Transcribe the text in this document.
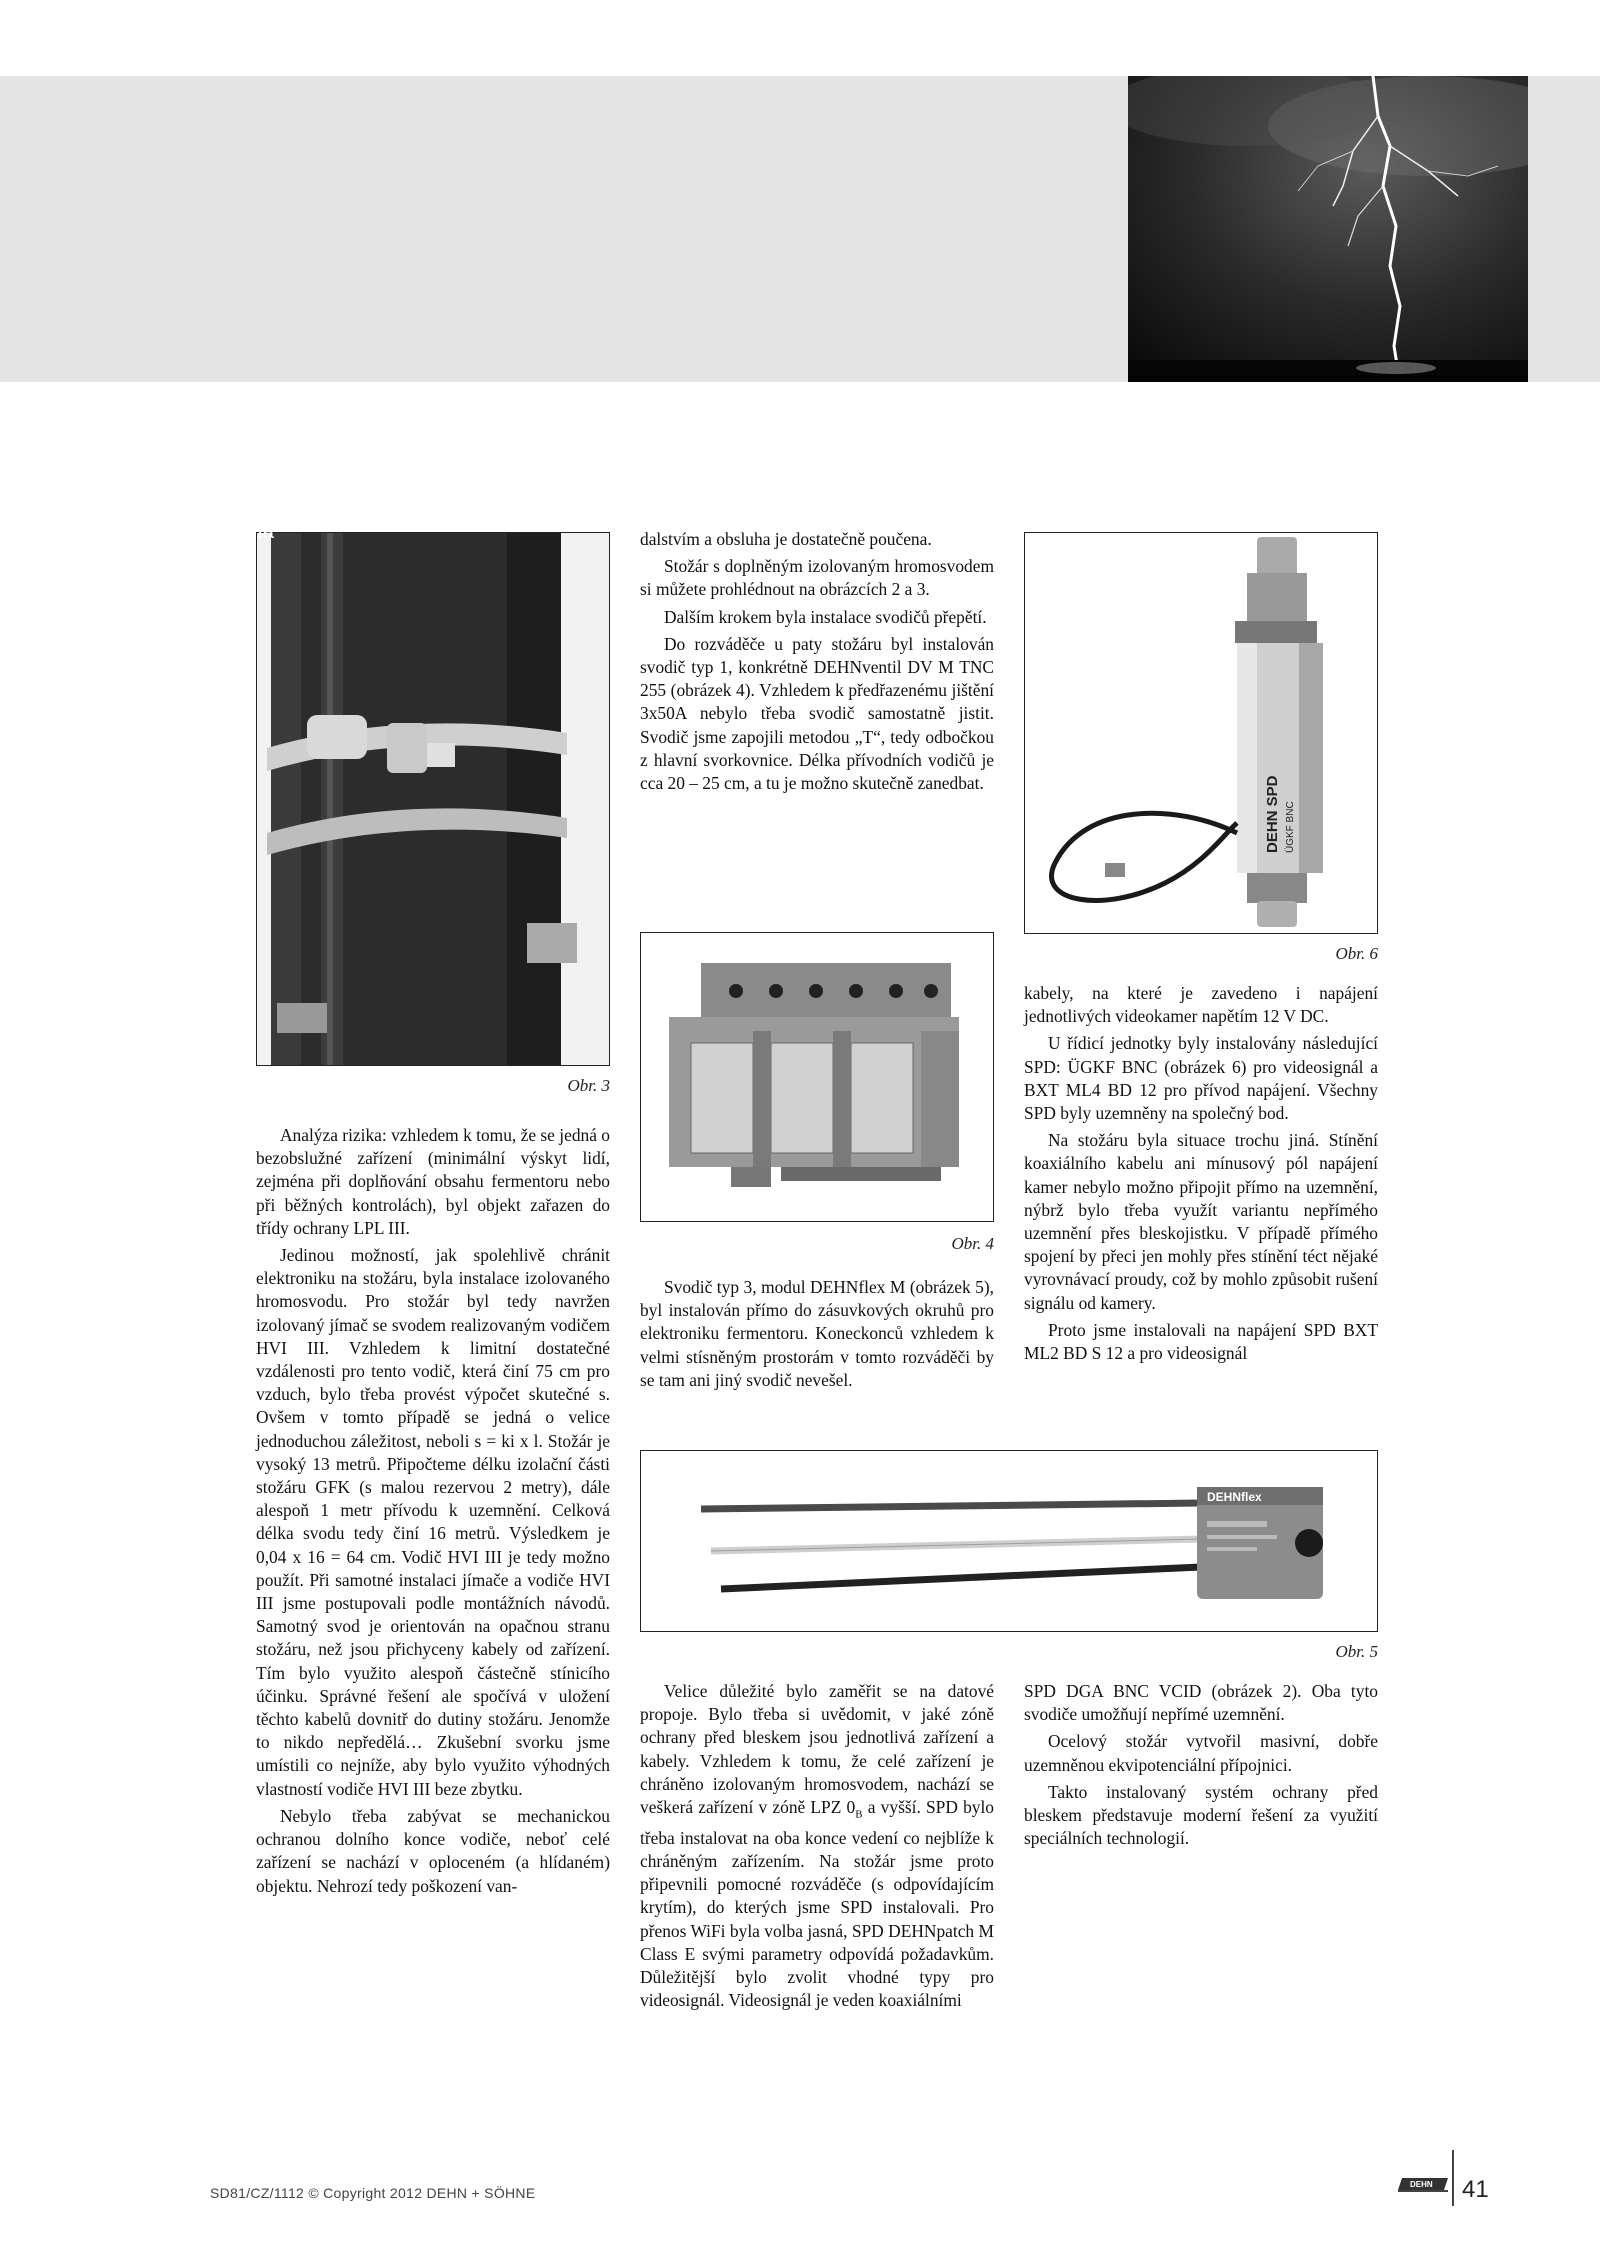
Detail uchycení vodiče HVI III na stožáru
Obr. 3
DEHN SPD ÜGKF BNC
Obr. 6
Obr. 4
DEHNflex
Obr. 5

Analýza rizika: vzhledem k tomu, že se jedná o bezobslužné zařízení (minimální výskyt lidí, zejména při doplňování obsahu fermentoru nebo při běžných kontrolách), byl objekt zařazen do třídy ochrany LPL III.

Jedinou možností, jak spolehlivě chránit elektroniku na stožáru, byla instalace izolovaného hromosvodu. Pro stožár byl tedy navržen izolovaný jímač se svodem realizovaným vodičem HVI III. Vzhledem k limitní dostatečné vzdálenosti pro tento vodič, která činí 75 cm pro vzduch, bylo třeba provést výpočet skutečné s. Ovšem v tomto případě se jedná o velice jednoduchou záležitost, neboli s = ki x l. Stožár je vysoký 13 metrů. Připočteme délku izolační části stožáru GFK (s malou rezervou 2 metry), dále alespoň 1 metr přívodu k uzemnění. Celková délka svodu tedy činí 16 metrů. Výsledkem je 0,04 x 16 = 64 cm. Vodič HVI III je tedy možno použít. Při samotné instalaci jímače a vodiče HVI III jsme postupovali podle montážních návodů. Samotný svod je orientován na opačnou stranu stožáru, než jsou přichyceny kabely od zařízení. Tím bylo využito alespoň částečně stínicího účinku. Správné řešení ale spočívá v uložení těchto kabelů dovnitř do dutiny stožáru. Jenomže to nikdo nepředělá… Zkušební svorku jsme umístili co nejníže, aby bylo využito výhodných vlastností vodiče HVI III beze zbytku.

Nebylo třeba zabývat se mechanickou ochranou dolního konce vodiče, neboť celé zařízení se nachází v oploceném (a hlídaném) objektu. Nehrozí tedy poškození van-

dalstvím a obsluha je dostatečně poučena.

Stožár s doplněným izolovaným hromosvodem si můžete prohlédnout na obrázcích 2 a 3.

Dalším krokem byla instalace svodičů přepětí.

Do rozváděče u paty stožáru byl instalován svodič typ 1, konkrétně DEHNventil DV M TNC 255 (obrázek 4). Vzhledem k předřazenému jištění 3x50A nebylo třeba svodič samostatně jistit. Svodič jsme zapojili metodou „T“, tedy odbočkou z hlavní svorkovnice. Délka přívodních vodičů je cca 20 – 25 cm, a tu je možno skutečně zanedbat.

Svodič typ 3, modul DEHNflex M (obrázek 5), byl instalován přímo do zásuvkových okruhů pro elektroniku fermentoru. Koneckonců vzhledem k velmi stísněným prostorám v tomto rozváděči by se tam ani jiný svodič nevešel.

Velice důležité bylo zaměřit se na datové propoje. Bylo třeba si uvědomit, v jaké zóně ochrany před bleskem jsou jednotlivá zařízení a kabely. Vzhledem k tomu, že celé zařízení je chráněno izolovaným hromosvodem, nachází se veškerá zařízení v zóně LPZ $0_B$ a vyšší. SPD bylo třeba instalovat na oba konce vedení co nejblíže k chráněným zařízením. Na stožár jsme proto připevnili pomocné rozváděče (s odpovídajícím krytím), do kterých jsme SPD instalovali. Pro přenos WiFi byla volba jasná, SPD DEHNpatch M Class E svými parametry odpovídá požadavkům. Důležitější bylo zvolit vhodné typy pro videosignál. Videosignál je veden koaxiálními

kabely, na které je zavedeno i napájení jednotlivých videokamer napětím 12 V DC.

U řídicí jednotky byly instalovány následující SPD: ÜGKF BNC (obrázek 6) pro videosignál a BXT ML4 BD 12 pro přívod napájení. Všechny SPD byly uzemněny na společný bod.

Na stožáru byla situace trochu jiná. Stínění koaxiálního kabelu ani mínusový pól napájení kamer nebylo možno připojit přímo na uzemnění, nýbrž bylo třeba využít variantu nepřímého uzemnění přes bleskojistku. V případě přímého spojení by přeci jen mohly přes stínění téct nějaké vyrovnávací proudy, což by mohlo způsobit rušení signálu od kamery.

Proto jsme instalovali na napájení SPD BXT ML2 BD S 12 a pro videosignál

SPD DGA BNC VCID (obrázek 2). Oba tyto svodiče umožňují nepřímé uzemnění.

Ocelový stožár vytvořil masivní, dobře uzemněnou ekvipotenciální přípojnici.

Takto instalovaný systém ochrany před bleskem představuje moderní řešení za využití speciálních technologií.

SD81/CZ/1112 © Copyright 2012 DEHN + SÖHNE
DEHN 41
